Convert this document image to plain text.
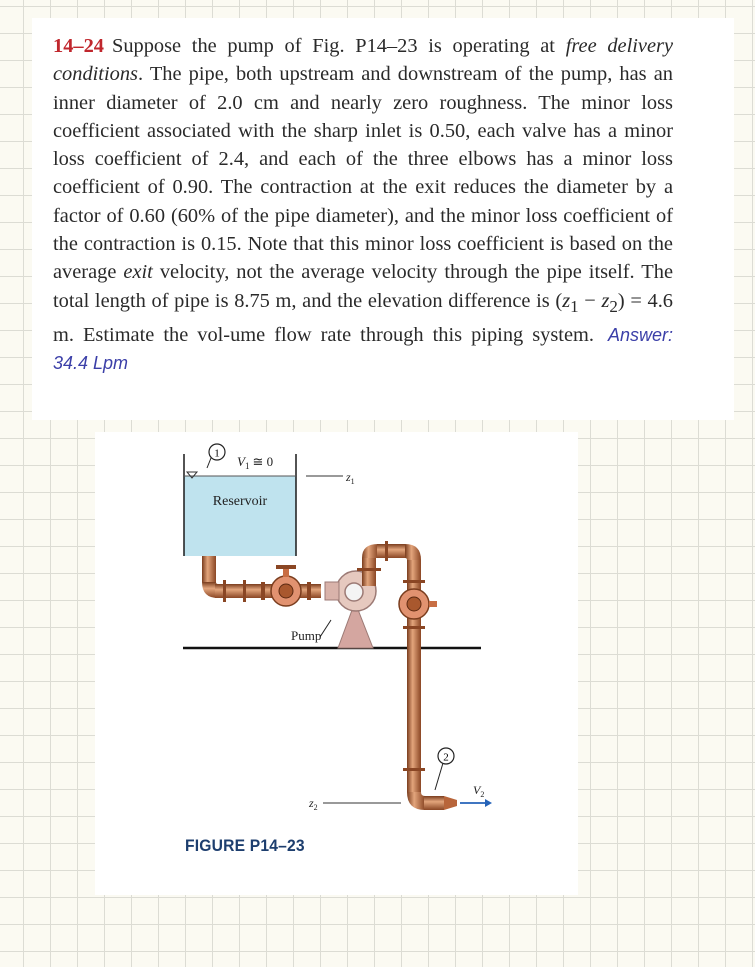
14–24 Suppose the pump of Fig. P14–23 is operating at free delivery conditions. The pipe, both upstream and downstream of the pump, has an inner diameter of 2.0 cm and nearly zero roughness. The minor loss coefficient associated with the sharp inlet is 0.50, each valve has a minor loss coefficient of 2.4, and each of the three elbows has a minor loss coefficient of 0.90. The contraction at the exit reduces the diameter by a factor of 0.60 (60% of the pipe diameter), and the minor loss coefficient of the contraction is 0.15. Note that this minor loss coefficient is based on the average exit velocity, not the average velocity through the pipe itself. The total length of pipe is 8.75 m, and the elevation difference is $(z_1 - z_2) = 4.6$ m. Estimate the vol-ume flow rate through this piping system. Answer: 34.4 Lpm

1
$V_1$ ≅ 0
$z_1$
Reservoir
Pump
$V_2$
2
$z_2$
FIGURE P14–23
